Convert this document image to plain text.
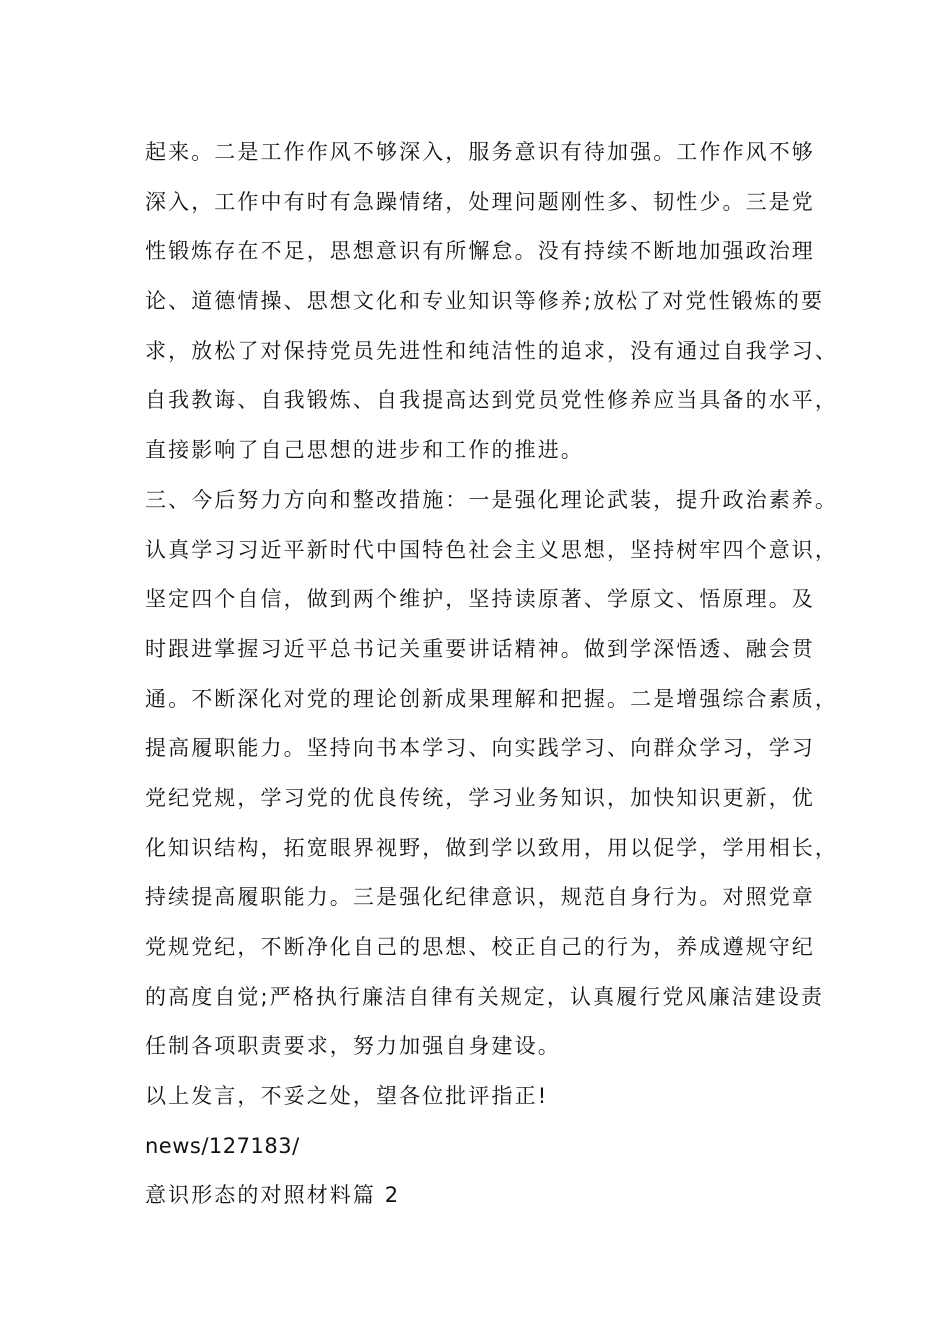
起来。二是工作作风不够深入，服务意识有待加强。工作作风不够
深入，工作中有时有急躁情绪，处理问题刚性多、韧性少。三是党
性锻炼存在不足，思想意识有所懈怠。没有持续不断地加强政治理
论、道德情操、思想文化和专业知识等修养;放松了对党性锻炼的要
求，放松了对保持党员先进性和纯洁性的追求，没有通过自我学习、
自我教诲、自我锻炼、自我提高达到党员党性修养应当具备的水平，
直接影响了自己思想的进步和工作的推进。
三、今后努力方向和整改措施：一是强化理论武装，提升政治素养。
认真学习习近平新时代中国特色社会主义思想，坚持树牢四个意识，
坚定四个自信，做到两个维护，坚持读原著、学原文、悟原理。及
时跟进掌握习近平总书记关重要讲话精神。做到学深悟透、融会贯
通。不断深化对党的理论创新成果理解和把握。二是增强综合素质，
提高履职能力。坚持向书本学习、向实践学习、向群众学习，学习
党纪党规，学习党的优良传统，学习业务知识，加快知识更新，优
化知识结构，拓宽眼界视野，做到学以致用，用以促学，学用相长，
持续提高履职能力。三是强化纪律意识，规范自身行为。对照党章
党规党纪，不断净化自己的思想、校正自己的行为，养成遵规守纪
的高度自觉;严格执行廉洁自律有关规定，认真履行党风廉洁建设责
任制各项职责要求，努力加强自身建设。
以上发言，不妥之处，望各位批评指正!
news/127183/
意识形态的对照材料篇 2
